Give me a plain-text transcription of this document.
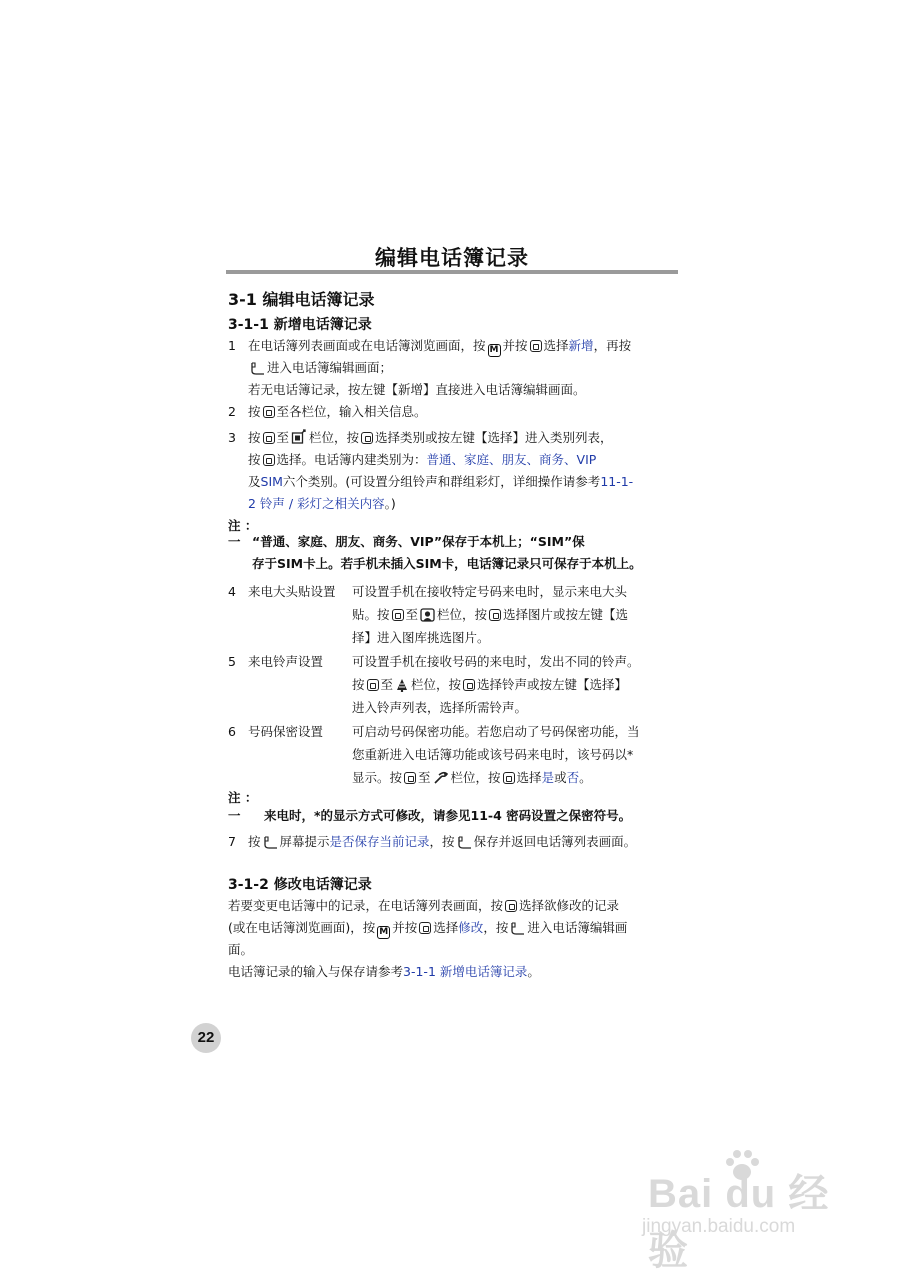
编辑电话簿记录
3-1 编辑电话簿记录
3-1-1 新增电话簿记录
1 在电话簿列表画面或在电话簿浏览画面，按 M 并按 选择新增，再按
进入电话簿编辑画面；
若无电话簿记录，按左键【新增】直接进入电话簿编辑画面。
2 按 至各栏位，输入相关信息。
3 按 至 栏位，按 选择类别或按左键【选择】进入类别列表，
按 选择。电话簿内建类别为：普通、家庭、朋友、商务、VIP
及SIM六个类别。(可设置分组铃声和群组彩灯，详细操作请参考11-1-
2 铃声 / 彩灯之相关内容。)
注 ：
一 “普通、家庭、朋友、商务、VIP”保存于本机上；“SIM”保
存于SIM卡上。若手机未插入SIM卡，电话簿记录只可保存于本机上。
4 来电大头贴设置	可设置手机在接收特定号码来电时，显示来电大头
贴。按 至 栏位，按 选择图片或按左键【选
择】进入图库挑选图片。
5 来电铃声设置	可设置手机在接收号码的来电时，发出不同的铃声。
按 至 栏位，按 选择铃声或按左键【选择】
进入铃声列表，选择所需铃声。
6 号码保密设置	可启动号码保密功能。若您启动了号码保密功能，当
您重新进入电话簿功能或该号码来电时，该号码以*
显示。按 至 栏位，按 选择是或否。
注 ：
一	来电时，*的显示方式可修改，请参见11-4 密码设置之保密符号。
7 按 屏幕提示是否保存当前记录，按 保存并返回电话簿列表画面。
3-1-2 修改电话簿记录
若要变更电话簿中的记录，在电话簿列表画面，按 选择欲修改的记录
(或在电话簿浏览画面)，按 M 并按 选择修改，按 进入电话簿编辑画
面。
电话簿记录的输入与保存请参考3-1-1 新增电话簿记录。
22
Bai du 经验
jingyan.baidu.com
